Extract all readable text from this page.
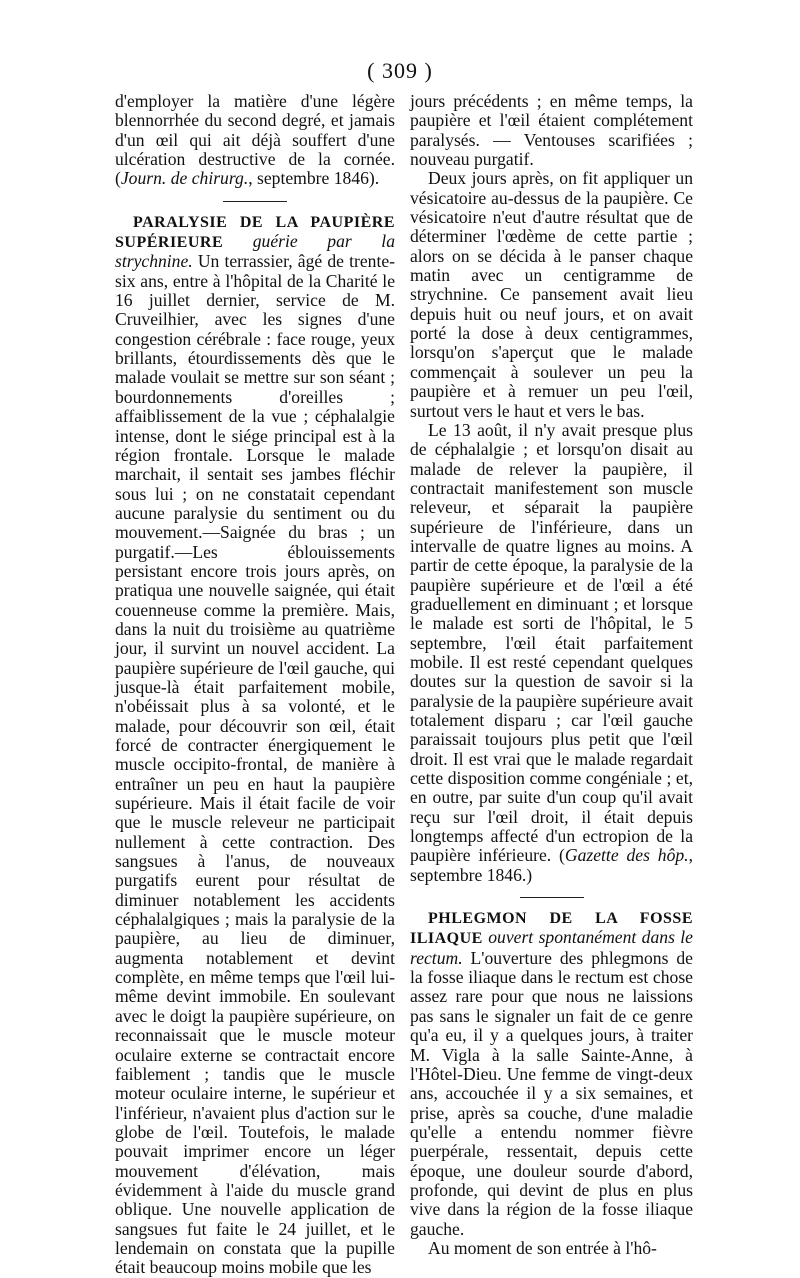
( 309 )

d'employer la matière d'une légère blennorrhée du second degré, et jamais d'un œil qui ait déjà souffert d'une ulcération destructive de la cornée. (Journ. de chirurg., septembre 1846).

PARALYSIE DE LA PAUPIÈRE SUPÉRIEURE guérie par la strychnine. Un terrassier, âgé de trente-six ans, entre à l'hôpital de la Charité le 16 juillet dernier, service de M. Cruveilhier, avec les signes d'une congestion cérébrale : face rouge, yeux brillants, étourdissements dès que le malade voulait se mettre sur son séant ; bourdonnements d'oreilles ; affaiblissement de la vue ; céphalalgie intense, dont le siége principal est à la région frontale. Lorsque le malade marchait, il sentait ses jambes fléchir sous lui ; on ne constatait cependant aucune paralysie du sentiment ou du mouvement.—Saignée du bras ; un purgatif.—Les éblouissements persistant encore trois jours après, on pratiqua une nouvelle saignée, qui était couenneuse comme la première. Mais, dans la nuit du troisième au quatrième jour, il survint un nouvel accident. La paupière supérieure de l'œil gauche, qui jusque-là était parfaitement mobile, n'obéissait plus à sa volonté, et le malade, pour découvrir son œil, était forcé de contracter énergiquement le muscle occipito-frontal, de manière à entraîner un peu en haut la paupière supérieure. Mais il était facile de voir que le muscle releveur ne participait nullement à cette contraction. Des sangsues à l'anus, de nouveaux purgatifs eurent pour résultat de diminuer notablement les accidents céphalalgiques ; mais la paralysie de la paupière, au lieu de diminuer, augmenta notablement et devint complète, en même temps que l'œil lui-même devint immobile. En soulevant avec le doigt la paupière supérieure, on reconnaissait que le muscle moteur oculaire externe se contractait encore faiblement ; tandis que le muscle moteur oculaire interne, le supérieur et l'inférieur, n'avaient plus d'action sur le globe de l'œil. Toutefois, le malade pouvait imprimer encore un léger mouvement d'élévation, mais évidemment à l'aide du muscle grand oblique. Une nouvelle application de sangsues fut faite le 24 juillet, et le lendemain on constata que la pupille était beaucoup moins mobile que les

jours précédents ; en même temps, la paupière et l'œil étaient complétement paralysés. — Ventouses scarifiées ; nouveau purgatif.

Deux jours après, on fit appliquer un vésicatoire au-dessus de la paupière. Ce vésicatoire n'eut d'autre résultat que de déterminer l'œdème de cette partie ; alors on se décida à le panser chaque matin avec un centigramme de strychnine. Ce pansement avait lieu depuis huit ou neuf jours, et on avait porté la dose à deux centigrammes, lorsqu'on s'aperçut que le malade commençait à soulever un peu la paupière et à remuer un peu l'œil, surtout vers le haut et vers le bas.

Le 13 août, il n'y avait presque plus de céphalalgie ; et lorsqu'on disait au malade de relever la paupière, il contractait manifestement son muscle releveur, et séparait la paupière supérieure de l'inférieure, dans un intervalle de quatre lignes au moins. A partir de cette époque, la paralysie de la paupière supérieure et de l'œil a été graduellement en diminuant ; et lorsque le malade est sorti de l'hôpital, le 5 septembre, l'œil était parfaitement mobile. Il est resté cependant quelques doutes sur la question de savoir si la paralysie de la paupière supérieure avait totalement disparu ; car l'œil gauche paraissait toujours plus petit que l'œil droit. Il est vrai que le malade regardait cette disposition comme congéniale ; et, en outre, par suite d'un coup qu'il avait reçu sur l'œil droit, il était depuis longtemps affecté d'un ectropion de la paupière inférieure. (Gazette des hôp., septembre 1846.)

PHLEGMON DE LA FOSSE ILIAQUE ouvert spontanément dans le rectum. L'ouverture des phlegmons de la fosse iliaque dans le rectum est chose assez rare pour que nous ne laissions pas sans le signaler un fait de ce genre qu'a eu, il y a quelques jours, à traiter M. Vigla à la salle Sainte-Anne, à l'Hôtel-Dieu. Une femme de vingt-deux ans, accouchée il y a six semaines, et prise, après sa couche, d'une maladie qu'elle a entendu nommer fièvre puerpérale, ressentait, depuis cette époque, une douleur sourde d'abord, profonde, qui devint de plus en plus vive dans la région de la fosse iliaque gauche.

Au moment de son entrée à l'hô-
